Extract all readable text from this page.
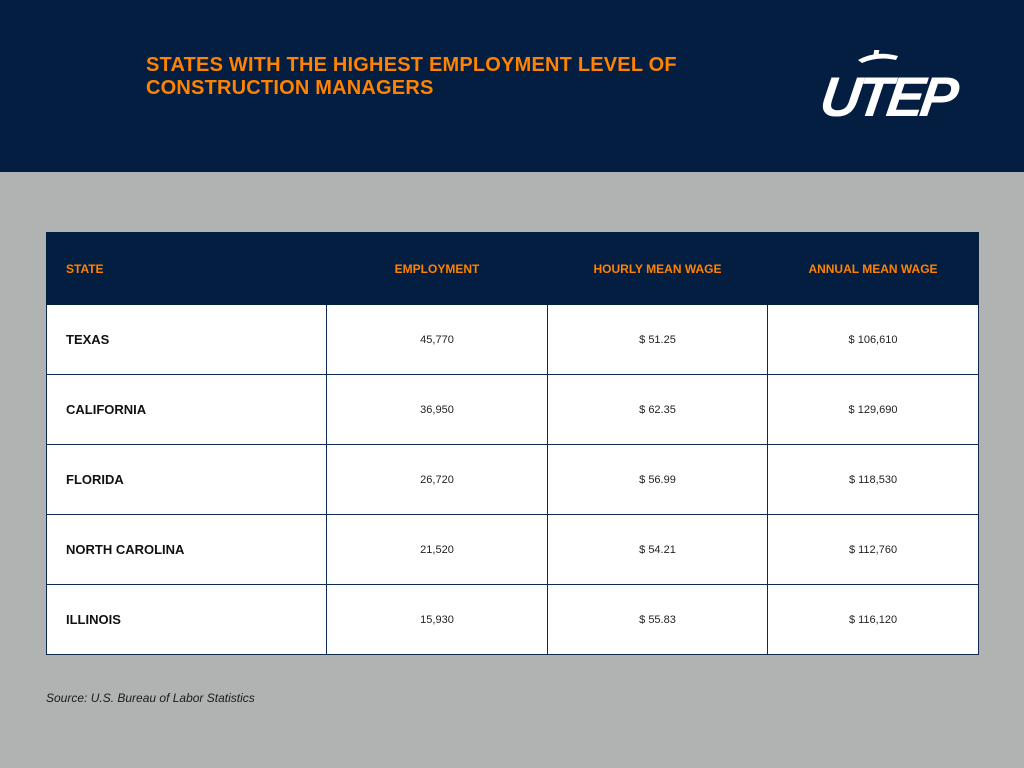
STATES WITH THE HIGHEST EMPLOYMENT LEVEL OF
CONSTRUCTION MANAGERS	UTEP
STATE	EMPLOYMENT	HOURLY MEAN WAGE	ANNUAL MEAN WAGE
TEXAS	45,770	$ 51.25	$ 106,610
CALIFORNIA	36,950	$ 62.35	$ 129,690
FLORIDA	26,720	$ 56.99	$ 118,530
NORTH CAROLINA	21,520	$ 54.21	$ 112,760
ILLINOIS	15,930	$ 55.83	$ 116,120
Source: U.S. Bureau of Labor Statistics
